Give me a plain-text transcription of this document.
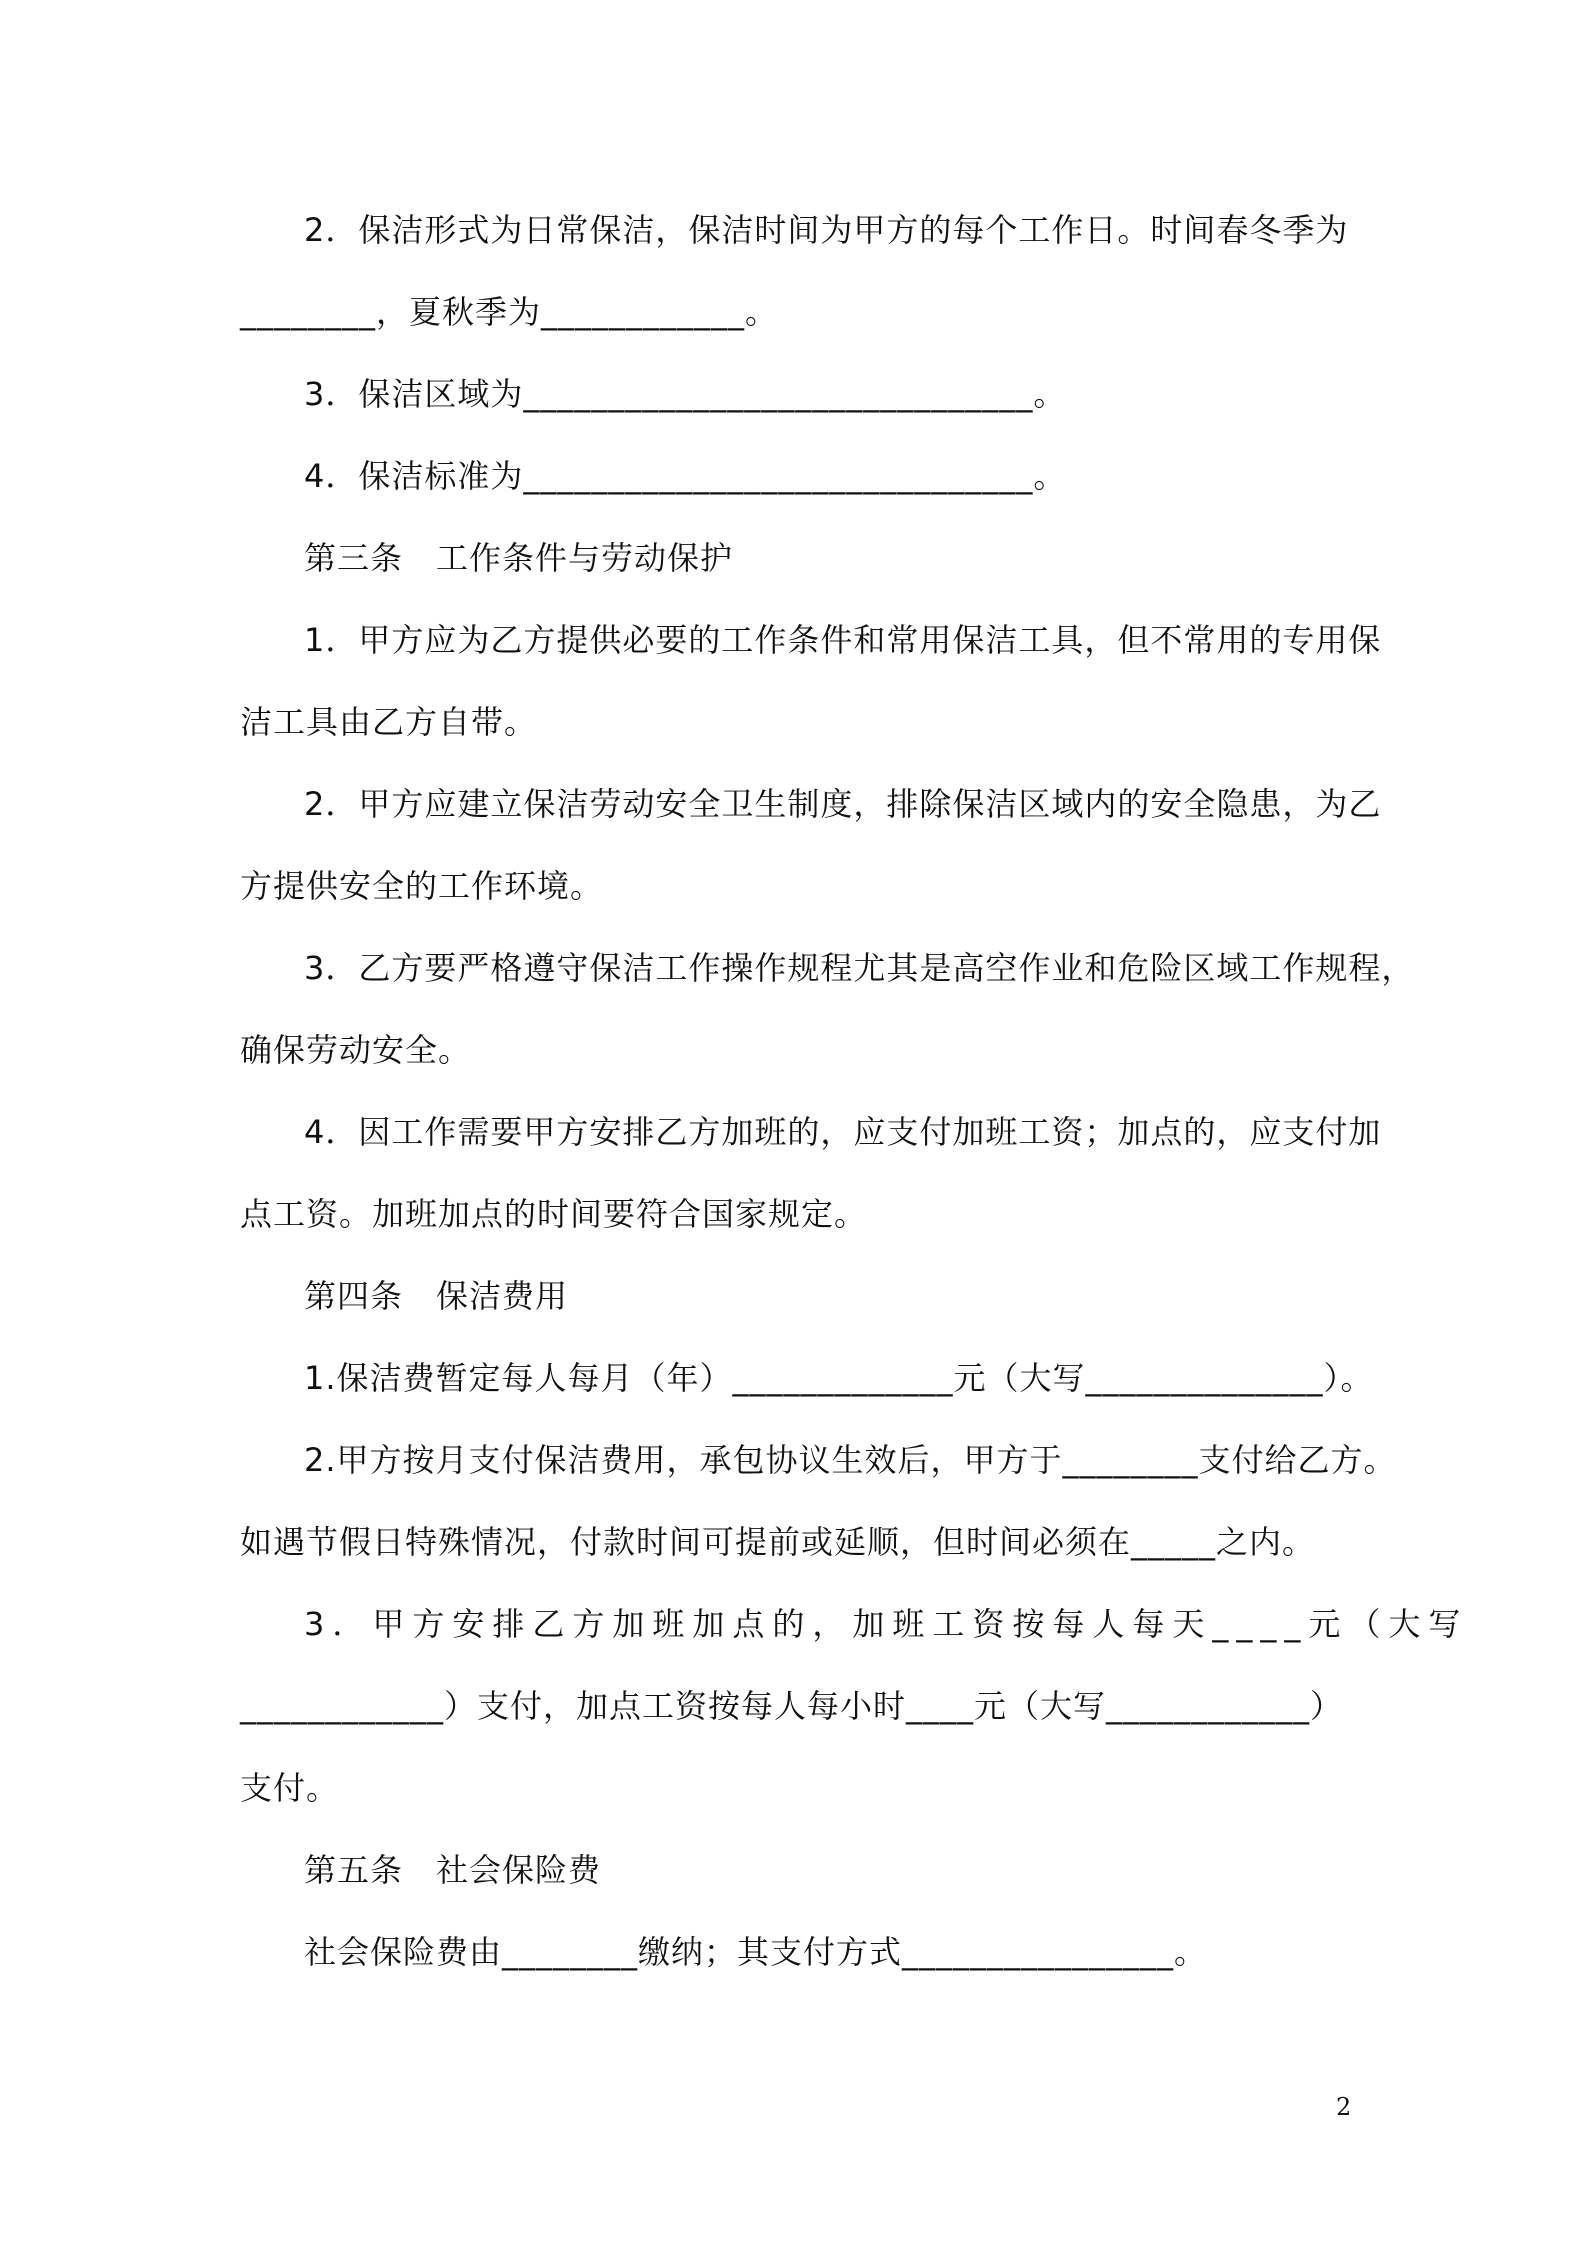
2．保洁形式为日常保洁，保洁时间为甲方的每个工作日。时间春冬季为
________，夏秋季为____________。
3．保洁区域为______________________________。
4．保洁标准为______________________________。
第三条　工作条件与劳动保护
1．甲方应为乙方提供必要的工作条件和常用保洁工具，但不常用的专用保
洁工具由乙方自带。
2．甲方应建立保洁劳动安全卫生制度，排除保洁区域内的安全隐患，为乙
方提供安全的工作环境。
3．乙方要严格遵守保洁工作操作规程尤其是高空作业和危险区域工作规程，
确保劳动安全。
4．因工作需要甲方安排乙方加班的，应支付加班工资；加点的，应支付加
点工资。加班加点的时间要符合国家规定。
第四条　保洁费用
1.保洁费暂定每人每月（年）_____________元（大写______________）。
2.甲方按月支付保洁费用，承包协议生效后，甲方于________支付给乙方。
如遇节假日特殊情况，付款时间可提前或延顺，但时间必须在_____之内。
3．甲方安排乙方加班加点的，加班工资按每人每天____元（大写
____________）支付，加点工资按每人每小时____元（大写____________）
支付。
第五条　社会保险费
社会保险费由________缴纳；其支付方式________________。
2
